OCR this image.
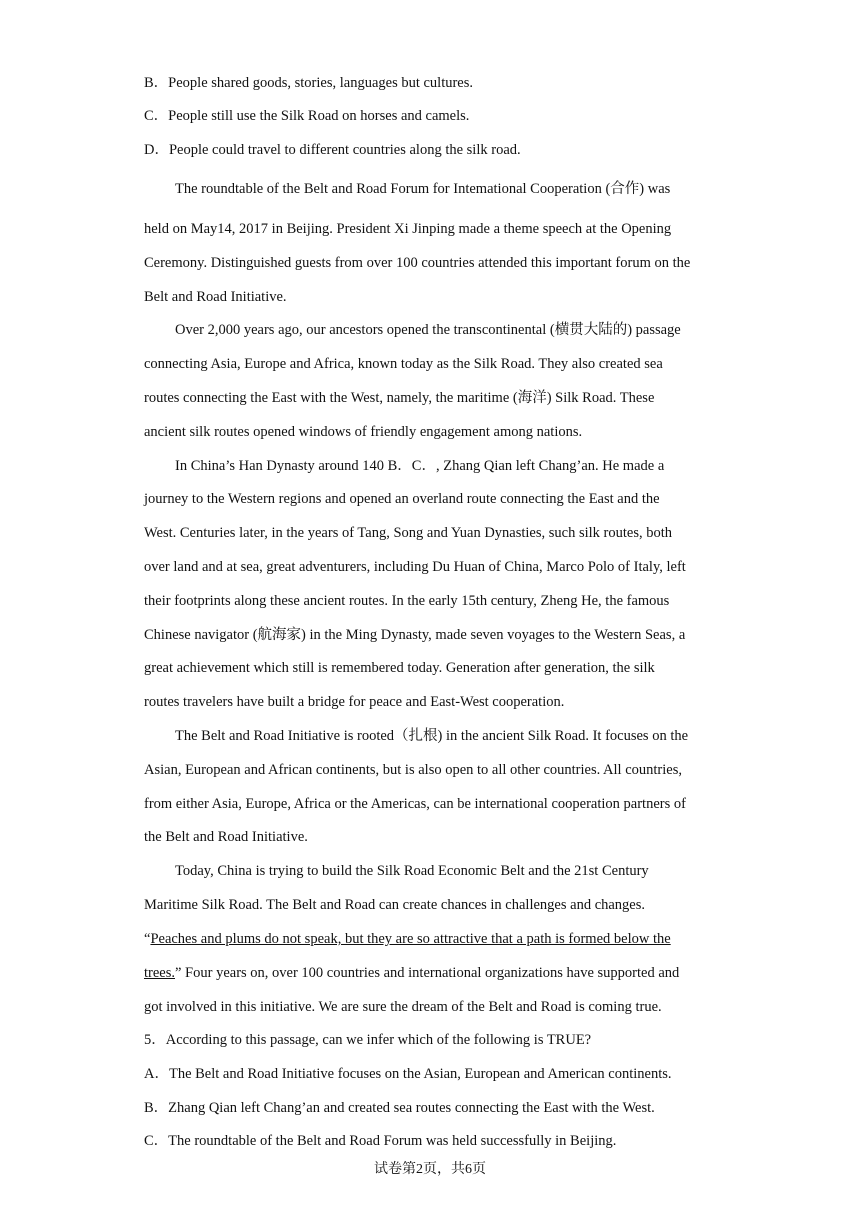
B．People shared goods, stories, languages but cultures.
C．People still use the Silk Road on horses and camels.
D．People could travel to different countries along the silk road.
The roundtable of the Belt and Road Forum for Intemational Cooperation (合作) was
held on May14, 2017 in Beijing. President Xi Jinping made a theme speech at the Opening
Ceremony. Distinguished guests from over 100 countries attended this important forum on the
Belt and Road Initiative.
Over 2,000 years ago, our ancestors opened the transcontinental (横贯大陆的) passage
connecting Asia, Europe and Africa, known today as the Silk Road. They also created sea
routes connecting the East with the West, namely, the maritime (海洋) Silk Road. These
ancient silk routes opened windows of friendly engagement among nations.
In China’s Han Dynasty around 140 B．C．, Zhang Qian left Chang’an. He made a
journey to the Western regions and opened an overland route connecting the East and the
West. Centuries later, in the years of Tang, Song and Yuan Dynasties, such silk routes, both
over land and at sea, great adventurers, including Du Huan of China, Marco Polo of Italy, left
their footprints along these ancient routes. In the early 15th century, Zheng He, the famous
Chinese navigator (航海家) in the Ming Dynasty, made seven voyages to the Western Seas, a
great achievement which still is remembered today. Generation after generation, the silk
routes travelers have built a bridge for peace and East-West cooperation.
The Belt and Road Initiative is rooted（扎根) in the ancient Silk Road. It focuses on the
Asian, European and African continents, but is also open to all other countries. All countries,
from either Asia, Europe, Africa or the Americas, can be international cooperation partners of
the Belt and Road Initiative.
Today, China is trying to build the Silk Road Economic Belt and the 21st Century
Maritime Silk Road. The Belt and Road can create chances in challenges and changes.
“Peaches and plums do not speak, but they are so attractive that a path is formed below the
trees.” Four years on, over 100 countries and international organizations have supported and
got involved in this initiative. We are sure the dream of the Belt and Road is coming true.
5．According to this passage, can we infer which of the following is TRUE?
A．The Belt and Road Initiative focuses on the Asian, European and American continents.
B．Zhang Qian left Chang’an and created sea routes connecting the East with the West.
C．The roundtable of the Belt and Road Forum was held successfully in Beijing.
试卷第2页，共6页
